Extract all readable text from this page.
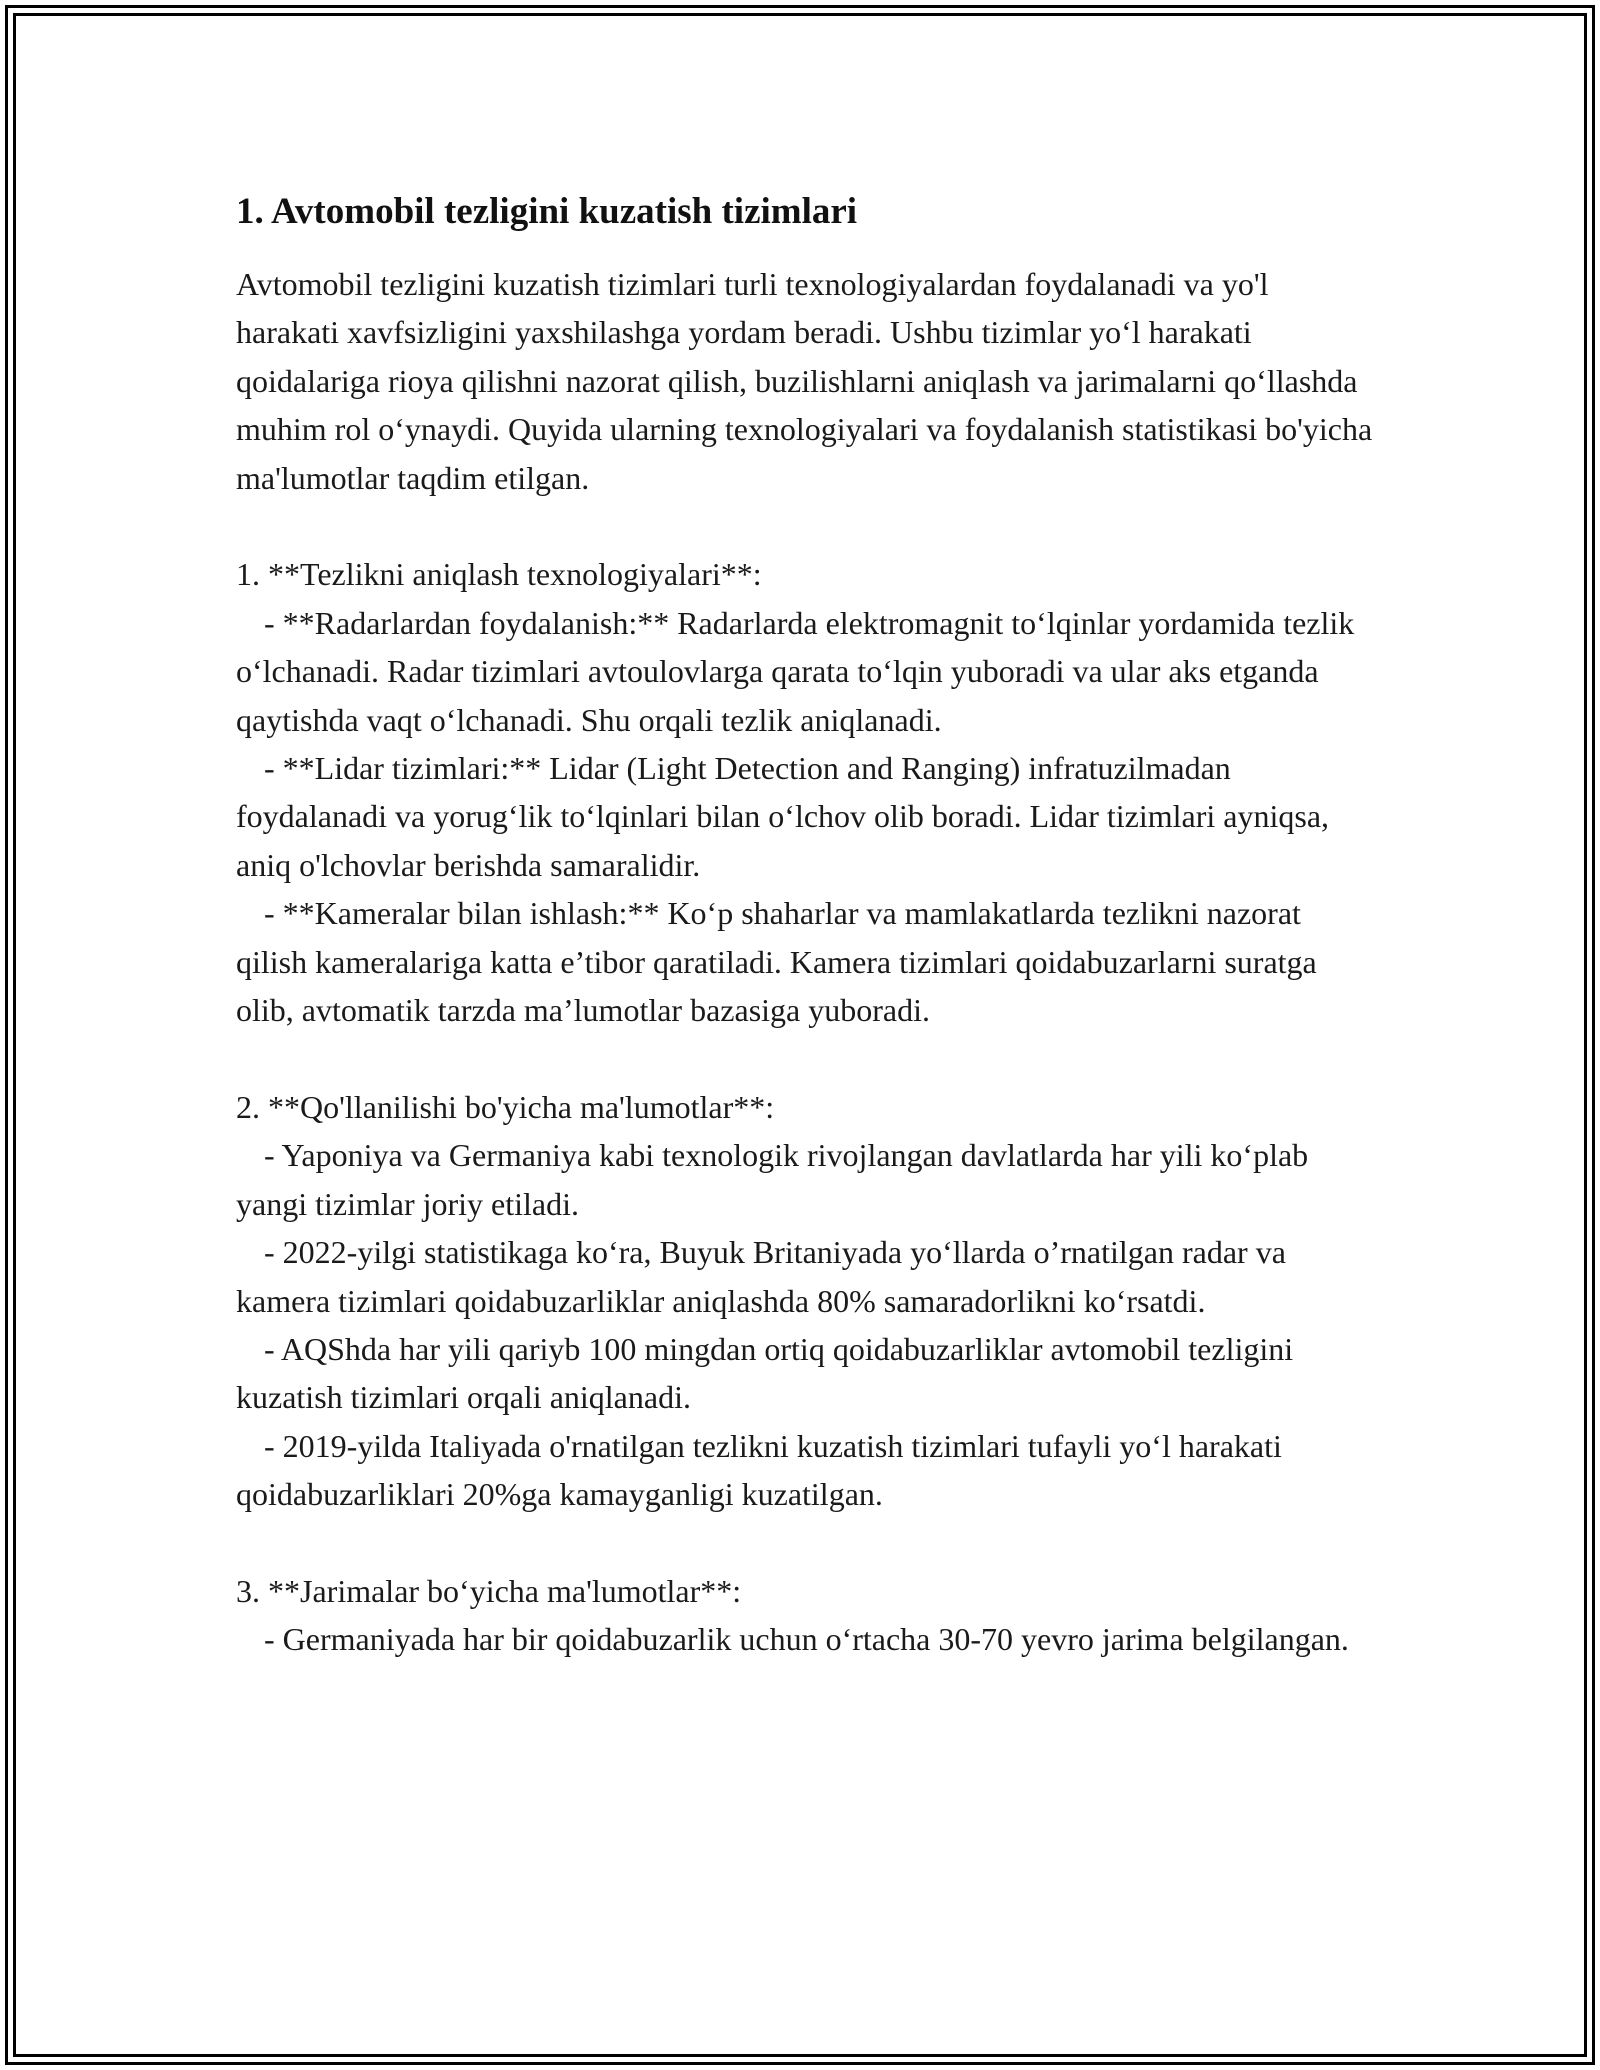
1. Avtomobil tezligini kuzatish tizimlari

Avtomobil tezligini kuzatish tizimlari turli texnologiyalardan foydalanadi va yo'l harakati xavfsizligini yaxshilashga yordam beradi. Ushbu tizimlar yo‘l harakati qoidalariga rioya qilishni nazorat qilish, buzilishlarni aniqlash va jarimalarni qo‘llashda muhim rol o‘ynaydi. Quyida ularning texnologiyalari va foydalanish statistikasi bo'yicha ma'lumotlar taqdim etilgan.

1. **Tezlikni aniqlash texnologiyalari**:

- **Radarlardan foydalanish:** Radarlarda elektromagnit to‘lqinlar yordamida tezlik o‘lchanadi. Radar tizimlari avtoulovlarga qarata to‘lqin yuboradi va ular aks etganda qaytishda vaqt o‘lchanadi. Shu orqali tezlik aniqlanadi.

- **Lidar tizimlari:** Lidar (Light Detection and Ranging) infratuzilmadan foydalanadi va yorug‘lik to‘lqinlari bilan o‘lchov olib boradi. Lidar tizimlari ayniqsa, aniq o'lchovlar berishda samaralidir.

- **Kameralar bilan ishlash:** Ko‘p shaharlar va mamlakatlarda tezlikni nazorat qilish kameralariga katta e’tibor qaratiladi. Kamera tizimlari qoidabuzarlarni suratga olib, avtomatik tarzda ma’lumotlar bazasiga yuboradi.

2. **Qo'llanilishi bo'yicha ma'lumotlar**:

- Yaponiya va Germaniya kabi texnologik rivojlangan davlatlarda har yili ko‘plab yangi tizimlar joriy etiladi.

- 2022-yilgi statistikaga ko‘ra, Buyuk Britaniyada yo‘llarda o’rnatilgan radar va kamera tizimlari qoidabuzarliklar aniqlashda 80% samaradorlikni ko‘rsatdi.

- AQShda har yili qariyb 100 mingdan ortiq qoidabuzarliklar avtomobil tezligini kuzatish tizimlari orqali aniqlanadi.

- 2019-yilda Italiyada o'rnatilgan tezlikni kuzatish tizimlari tufayli yo‘l harakati qoidabuzarliklari 20%ga kamayganligi kuzatilgan.

3. **Jarimalar bo‘yicha ma'lumotlar**:

- Germaniyada har bir qoidabuzarlik uchun o‘rtacha 30-70 yevro jarima belgilangan.
